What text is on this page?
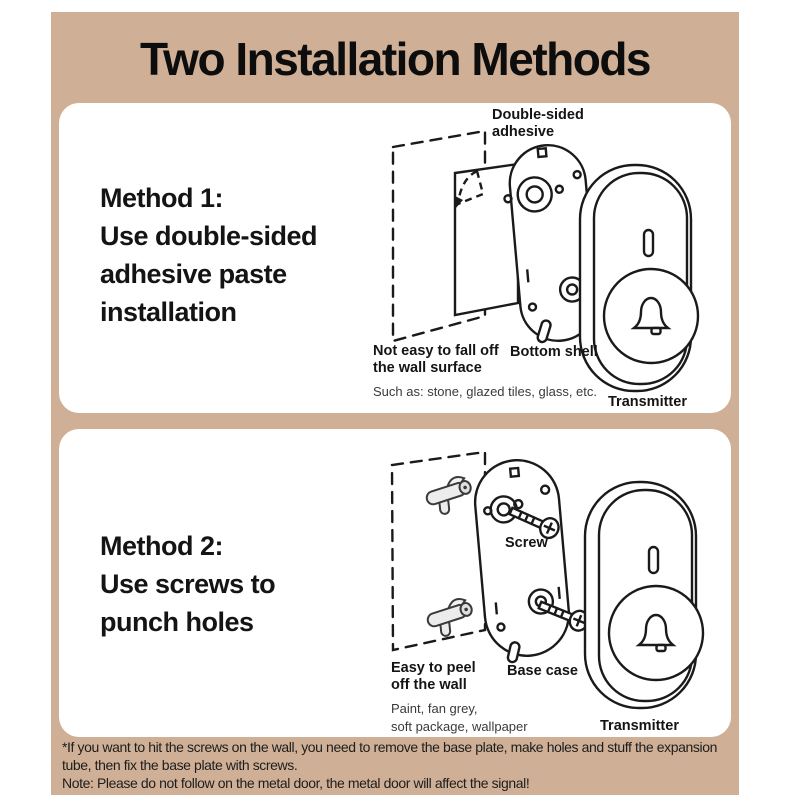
Two Installation Methods
Method 1:
Use double-sided
adhesive paste
installation
Double-sided
adhesive
Not easy to fall off
the wall surface
Such as: stone, glazed tiles, glass, etc.
Bottom shell
Transmitter
Method 2:
Use screws to
punch holes
Screw
Easy to peel
off the wall
Paint, fan grey,
soft package, wallpaper
Base case
Transmitter
*If you want to hit the screws on the wall, you need to remove the base plate, make holes and stuff the expansion
tube, then fix the base plate with screws.
Note: Please do not follow on the metal door, the metal door will affect the signal!
